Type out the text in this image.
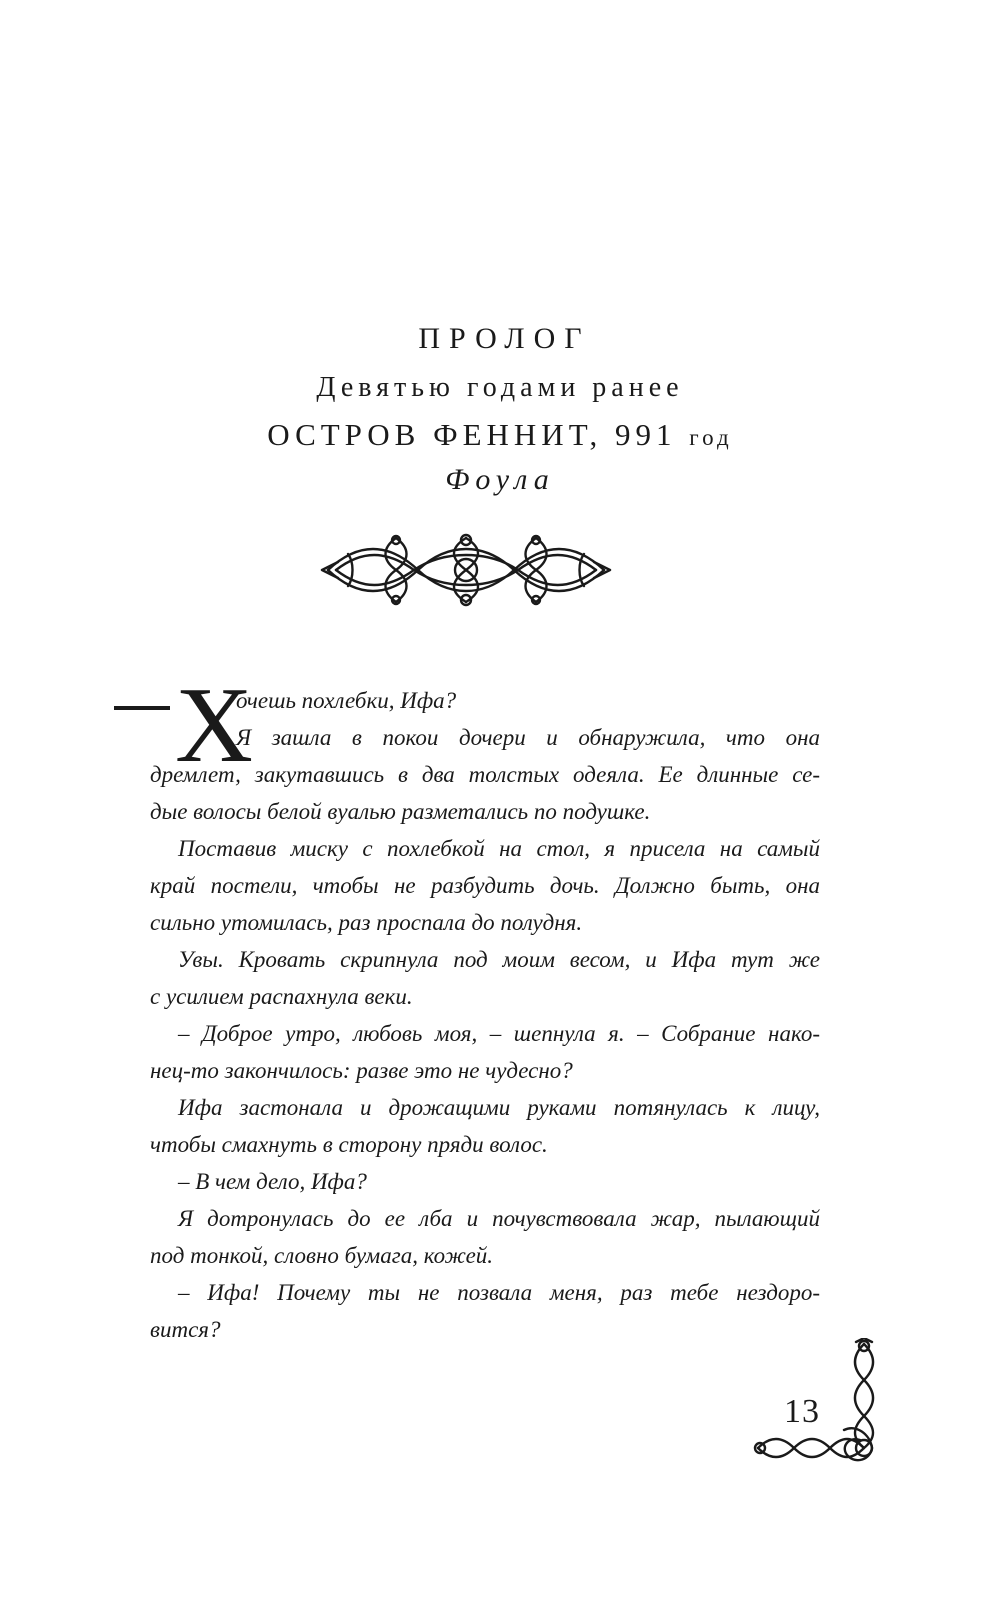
ПРОЛОГ
Девятью годами ранее
ОСТРОВ ФЕННИТ, 991 год
Фоула
Х
очешь похлебки, Ифа?
Я зашла в покои дочери и обнаружила, что она
дремлет, закутавшись в два толстых одеяла. Ее длинные се-
дые волосы белой вуалью разметались по подушке.
Поставив миску с похлебкой на стол, я присела на самый
край постели, чтобы не разбудить дочь. Должно быть, она
сильно утомилась, раз проспала до полудня.
Увы. Кровать скрипнула под моим весом, и Ифа тут же
с усилием распахнула веки.
– Доброе утро, любовь моя, – шепнула я. – Собрание нако-
нец-то закончилось: разве это не чудесно?
Ифа застонала и дрожащими руками потянулась к лицу,
чтобы смахнуть в сторону пряди волос.
– В чем дело, Ифа?
Я дотронулась до ее лба и почувствовала жар, пылающий
под тонкой, словно бумага, кожей.
– Ифа! Почему ты не позвала меня, раз тебе нездоро-
вится?
13
